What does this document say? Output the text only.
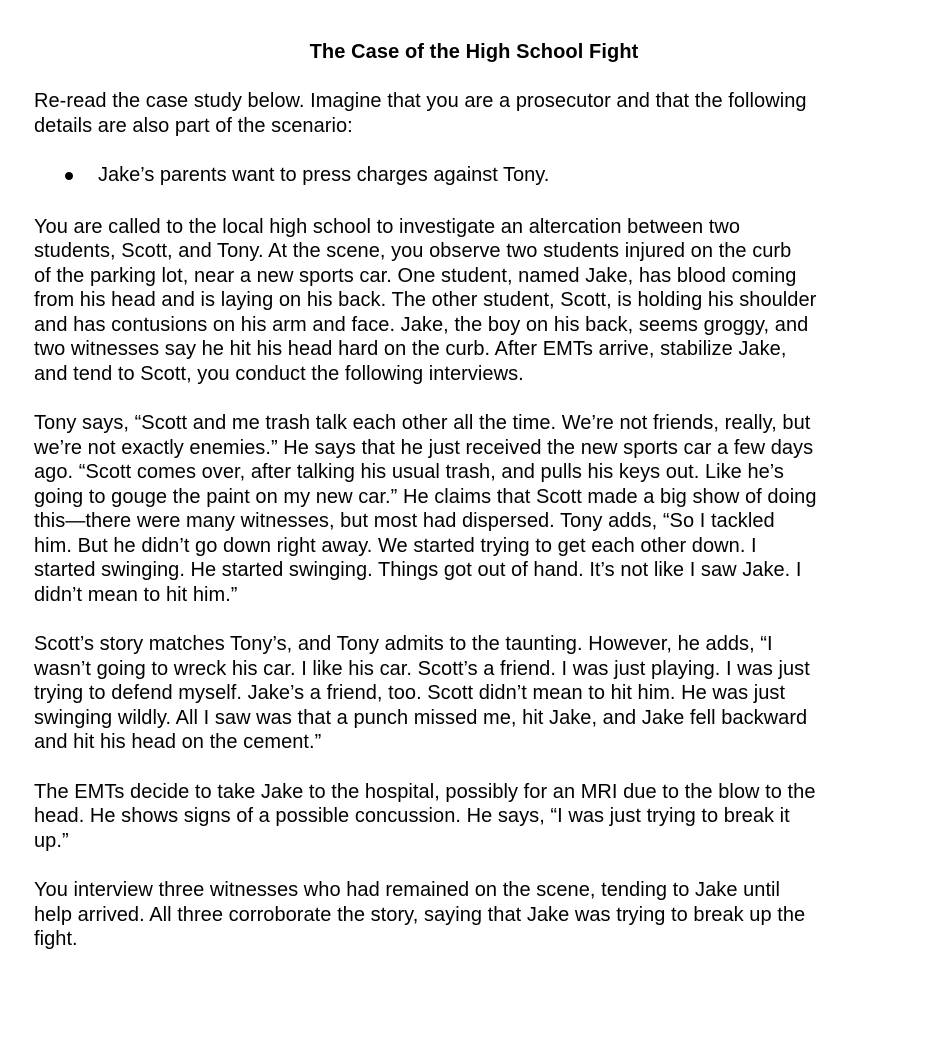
The Case of the High School Fight

Re-read the case study below. Imagine that you are a prosecutor and that the following
details are also part of the scenario:

Jake’s parents want to press charges against Tony.

You are called to the local high school to investigate an altercation between two
students, Scott, and Tony. At the scene, you observe two students injured on the curb
of the parking lot, near a new sports car. One student, named Jake, has blood coming
from his head and is laying on his back. The other student, Scott, is holding his shoulder
and has contusions on his arm and face. Jake, the boy on his back, seems groggy, and
two witnesses say he hit his head hard on the curb. After EMTs arrive, stabilize Jake,
and tend to Scott, you conduct the following interviews.

Tony says, “Scott and me trash talk each other all the time. We’re not friends, really, but
we’re not exactly enemies.” He says that he just received the new sports car a few days
ago. “Scott comes over, after talking his usual trash, and pulls his keys out. Like he’s
going to gouge the paint on my new car.” He claims that Scott made a big show of doing
this—there were many witnesses, but most had dispersed. Tony adds, “So I tackled
him. But he didn’t go down right away. We started trying to get each other down. I
started swinging. He started swinging. Things got out of hand. It’s not like I saw Jake. I
didn’t mean to hit him.”

Scott’s story matches Tony’s, and Tony admits to the taunting. However, he adds, “I
wasn’t going to wreck his car. I like his car. Scott’s a friend. I was just playing. I was just
trying to defend myself. Jake’s a friend, too. Scott didn’t mean to hit him. He was just
swinging wildly. All I saw was that a punch missed me, hit Jake, and Jake fell backward
and hit his head on the cement.”

The EMTs decide to take Jake to the hospital, possibly for an MRI due to the blow to the
head. He shows signs of a possible concussion. He says, “I was just trying to break it
up.”

You interview three witnesses who had remained on the scene, tending to Jake until
help arrived. All three corroborate the story, saying that Jake was trying to break up the
fight.
